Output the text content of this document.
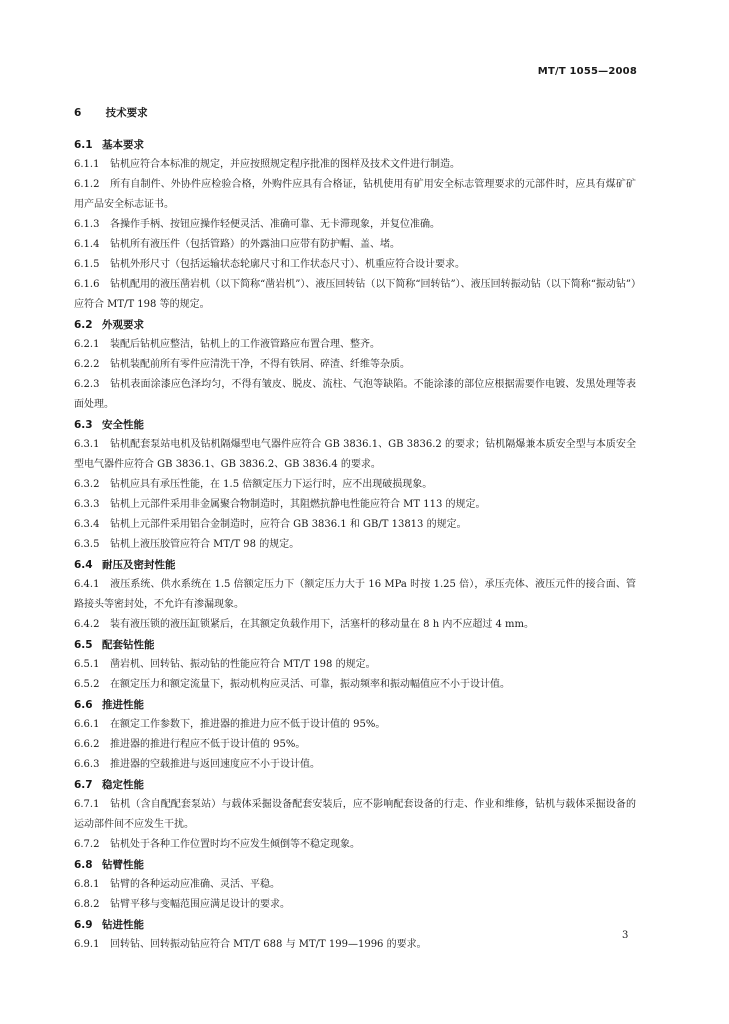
MT/T 1055—2008
6 技术要求
6.1 基本要求
6.1.1 钻机应符合本标准的规定，并应按照规定程序批准的图样及技术文件进行制造。
6.1.2 所有自制件、外协件应检验合格，外购件应具有合格证，钻机使用有矿用安全标志管理要求的元部件时，应具有煤矿矿用产品安全标志证书。
6.1.3 各操作手柄、按钮应操作轻便灵活、准确可靠、无卡滞现象，并复位准确。
6.1.4 钻机所有液压件（包括管路）的外露油口应带有防护帽、盖、堵。
6.1.5 钻机外形尺寸（包括运输状态轮廓尺寸和工作状态尺寸）、机重应符合设计要求。
6.1.6 钻机配用的液压凿岩机（以下简称“凿岩机”）、液压回转钻（以下简称“回转钻”）、液压回转振动钻（以下简称“振动钻”）应符合 MT/T 198 等的规定。
6.2 外观要求
6.2.1 装配后钻机应整洁，钻机上的工作液管路应布置合理、整齐。
6.2.2 钻机装配前所有零件应清洗干净，不得有铁屑、碎渣、纤维等杂质。
6.2.3 钻机表面涂漆应色泽均匀，不得有皱皮、脱皮、流柱、气泡等缺陷。不能涂漆的部位应根据需要作电镀、发黑处理等表面处理。
6.3 安全性能
6.3.1 钻机配套泵站电机及钻机隔爆型电气器件应符合 GB 3836.1、GB 3836.2 的要求；钻机隔爆兼本质安全型与本质安全型电气器件应符合 GB 3836.1、GB 3836.2、GB 3836.4 的要求。
6.3.2 钻机应具有承压性能，在 1.5 倍额定压力下运行时，应不出现破损现象。
6.3.3 钻机上元部件采用非金属聚合物制造时，其阻燃抗静电性能应符合 MT 113 的规定。
6.3.4 钻机上元部件采用铝合金制造时，应符合 GB 3836.1 和 GB/T 13813 的规定。
6.3.5 钻机上液压胶管应符合 MT/T 98 的规定。
6.4 耐压及密封性能
6.4.1 液压系统、供水系统在 1.5 倍额定压力下（额定压力大于 16 MPa 时按 1.25 倍），承压壳体、液压元件的接合面、管路接头等密封处，不允许有渗漏现象。
6.4.2 装有液压锁的液压缸锁紧后，在其额定负载作用下，活塞杆的移动量在 8 h 内不应超过 4 mm。
6.5 配套钻性能
6.5.1 凿岩机、回转钻、振动钻的性能应符合 MT/T 198 的规定。
6.5.2 在额定压力和额定流量下，振动机构应灵活、可靠，振动频率和振动幅值应不小于设计值。
6.6 推进性能
6.6.1 在额定工作参数下，推进器的推进力应不低于设计值的 95%。
6.6.2 推进器的推进行程应不低于设计值的 95%。
6.6.3 推进器的空载推进与返回速度应不小于设计值。
6.7 稳定性能
6.7.1 钻机（含自配配套泵站）与载体采掘设备配套安装后，应不影响配套设备的行走、作业和维修，钻机与载体采掘设备的运动部件间不应发生干扰。
6.7.2 钻机处于各种工作位置时均不应发生倾倒等不稳定现象。
6.8 钻臂性能
6.8.1 钻臂的各种运动应准确、灵活、平稳。
6.8.2 钻臂平移与变幅范围应满足设计的要求。
6.9 钻进性能
6.9.1 回转钻、回转振动钻应符合 MT/T 688 与 MT/T 199—1996 的要求。
3
